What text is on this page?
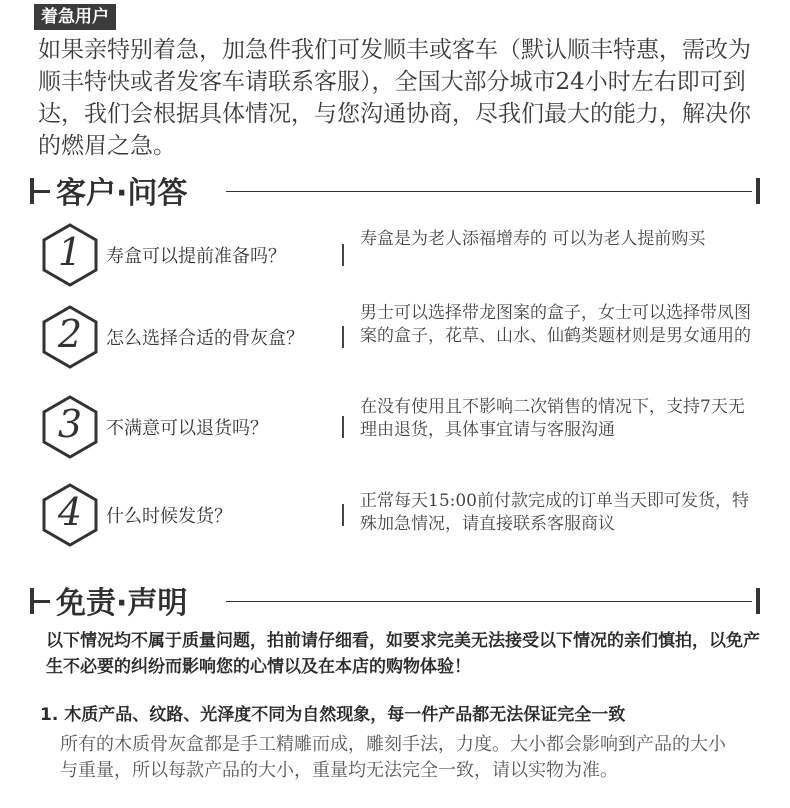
着急用户
如果亲特别着急，加急件我们可发顺丰或客车（默认顺丰特惠，需改为顺丰特快或者发客车请联系客服），全国大部分城市24小时左右即可到达，我们会根据具体情况，与您沟通协商，尽我们最大的能力，解决你的燃眉之急。
客户·问答
1	寿盒可以提前准备吗？
寿盒是为老人添福增寿的 可以为老人提前购买
2	怎么选择合适的骨灰盒？
男士可以选择带龙图案的盒子，女士可以选择带凤图案的盒子，花草、山水、仙鹤类题材则是男女通用的
3	不满意可以退货吗？
在没有使用且不影响二次销售的情况下，支持7天无理由退货，具体事宜请与客服沟通
4	什么时候发货？
正常每天15:00前付款完成的订单当天即可发货，特殊加急情况，请直接联系客服商议
免责·声明
以下情况均不属于质量问题，拍前请仔细看，如要求完美无法接受以下情况的亲们慎拍，以免产生不必要的纠纷而影响您的心情以及在本店的购物体验！
1. 木质产品、纹路、光泽度不同为自然现象，每一件产品都无法保证完全一致
所有的木质骨灰盒都是手工精雕而成，雕刻手法，力度。大小都会影响到产品的大小与重量，所以每款产品的大小，重量均无法完全一致，请以实物为准。
